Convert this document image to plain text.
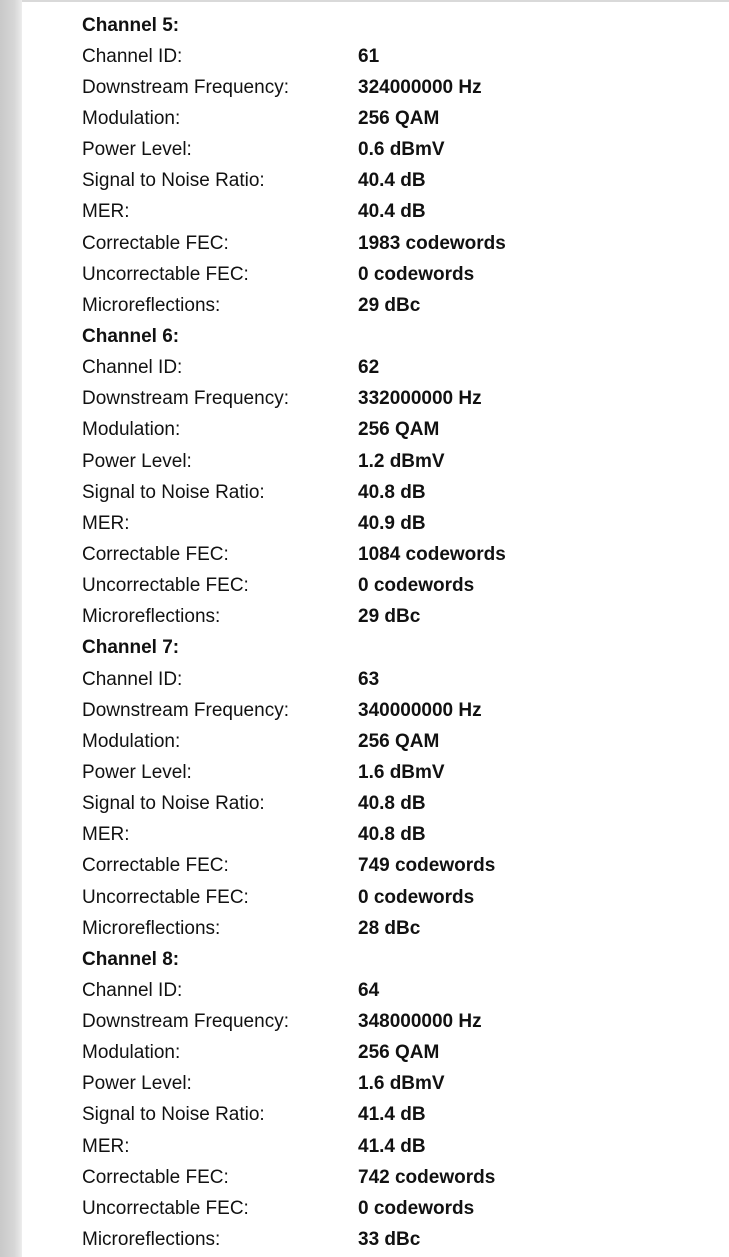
Channel 5:
Channel ID:	61
Downstream Frequency:	324000000 Hz
Modulation:	256 QAM
Power Level:	0.6 dBmV
Signal to Noise Ratio:	40.4 dB
MER:	40.4 dB
Correctable FEC:	1983 codewords
Uncorrectable FEC:	0 codewords
Microreflections:	29 dBc
Channel 6:
Channel ID:	62
Downstream Frequency:	332000000 Hz
Modulation:	256 QAM
Power Level:	1.2 dBmV
Signal to Noise Ratio:	40.8 dB
MER:	40.9 dB
Correctable FEC:	1084 codewords
Uncorrectable FEC:	0 codewords
Microreflections:	29 dBc
Channel 7:
Channel ID:	63
Downstream Frequency:	340000000 Hz
Modulation:	256 QAM
Power Level:	1.6 dBmV
Signal to Noise Ratio:	40.8 dB
MER:	40.8 dB
Correctable FEC:	749 codewords
Uncorrectable FEC:	0 codewords
Microreflections:	28 dBc
Channel 8:
Channel ID:	64
Downstream Frequency:	348000000 Hz
Modulation:	256 QAM
Power Level:	1.6 dBmV
Signal to Noise Ratio:	41.4 dB
MER:	41.4 dB
Correctable FEC:	742 codewords
Uncorrectable FEC:	0 codewords
Microreflections:	33 dBc
